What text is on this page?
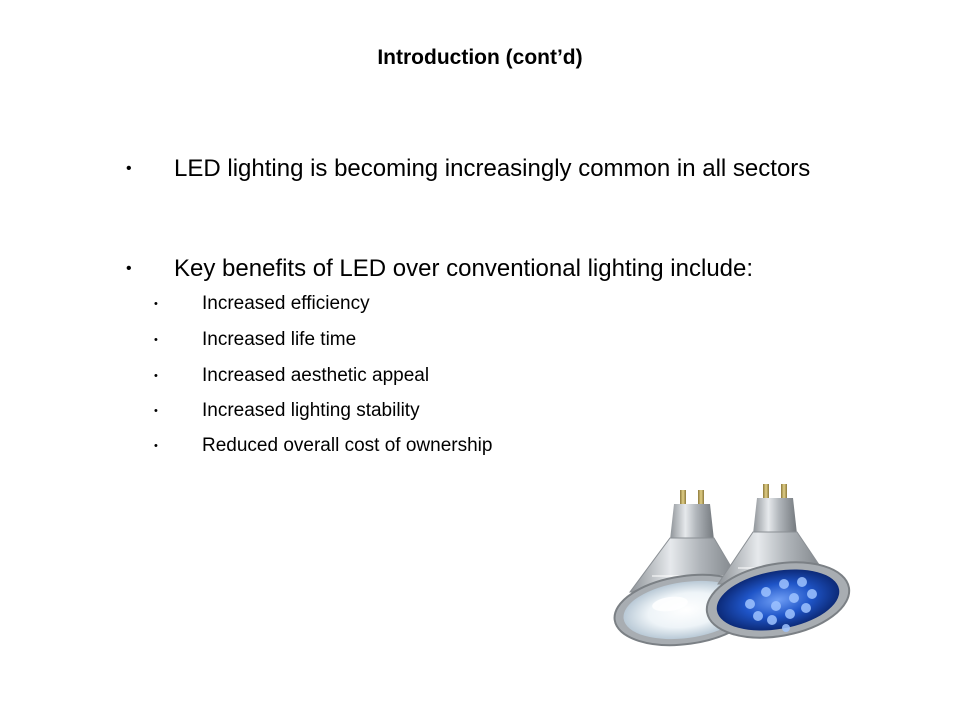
Introduction (cont’d)
• LED lighting is becoming increasingly common in all sectors
• Key benefits of LED over conventional lighting include:
• Increased efficiency
• Increased life time
• Increased aesthetic appeal
• Increased lighting stability
• Reduced overall cost of ownership
